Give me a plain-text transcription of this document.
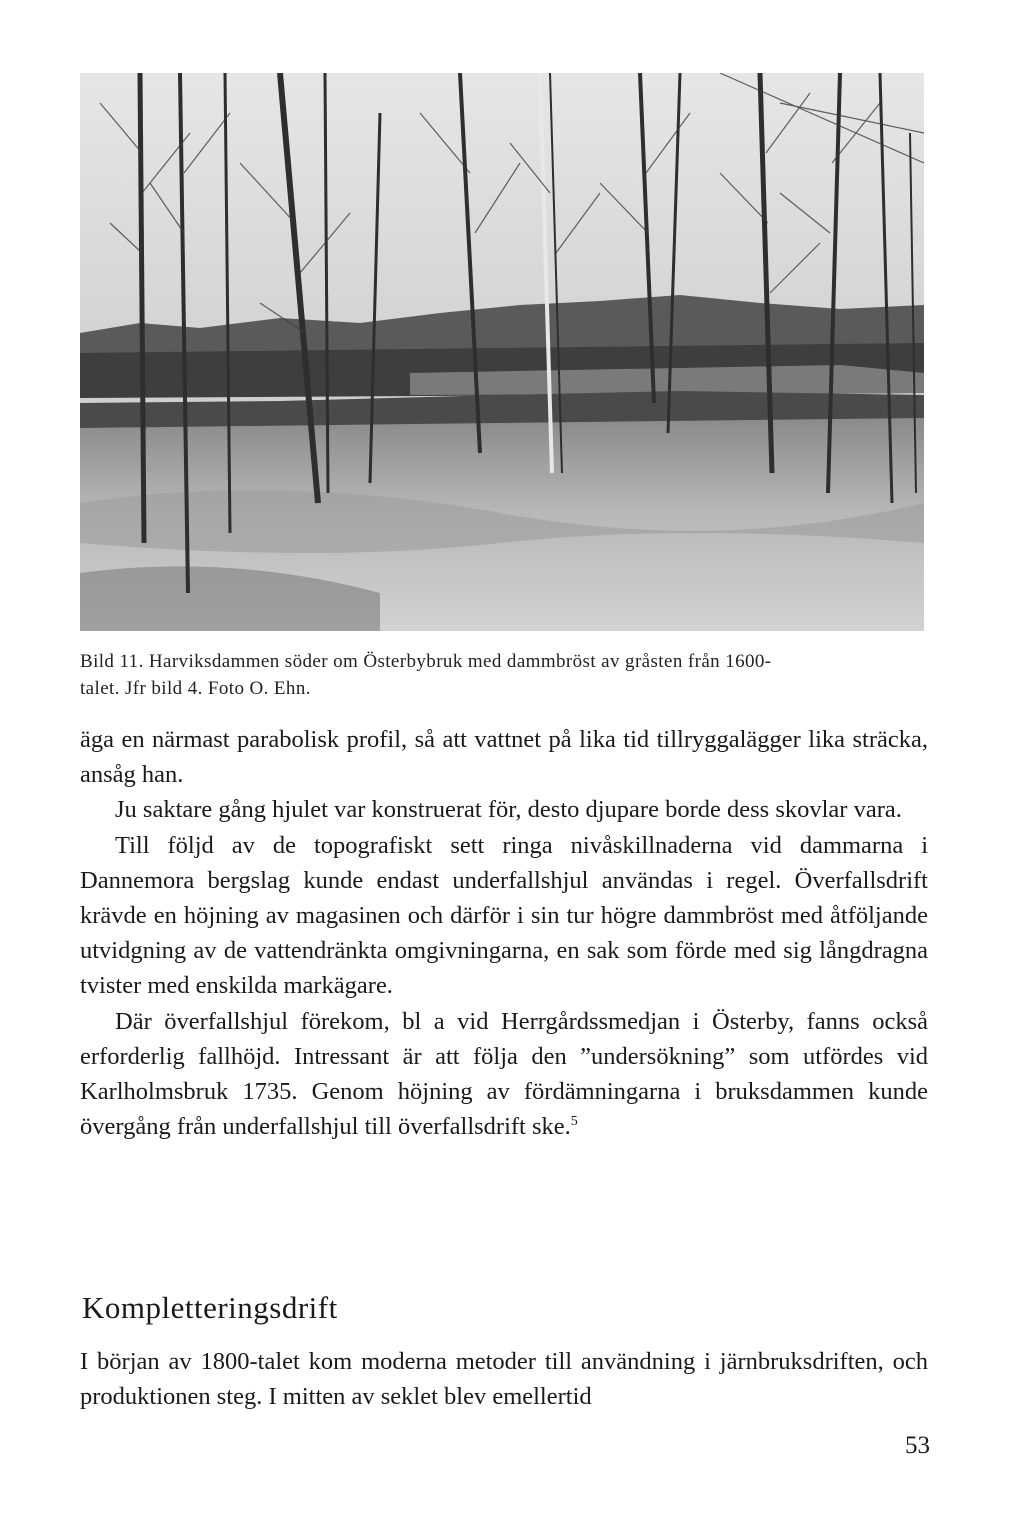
Bild 11. Harviksdammen söder om Österbybruk med dammbröst av gråsten från 1600-

talet. Jfr bild 4. Foto O. Ehn.

äga en närmast parabolisk profil, så att vattnet på lika tid tillryggalägger lika sträcka, ansåg han.

Ju saktare gång hjulet var konstruerat för, desto djupare borde dess skovlar vara.

Till följd av de topografiskt sett ringa nivåskillnaderna vid dammarna i Dannemora bergslag kunde endast underfallshjul användas i regel. Överfallsdrift krävde en höjning av magasinen och därför i sin tur högre dammbröst med åtföljande utvidgning av de vattendränkta omgivningarna, en sak som förde med sig långdragna tvister med enskilda markägare.

Där överfallshjul förekom, bl a vid Herrgårdssmedjan i Österby, fanns också erforderlig fallhöjd. Intressant är att följa den ”undersökning” som utfördes vid Karlholmsbruk 1735. Genom höjning av fördämningarna i bruksdammen kunde övergång från underfallshjul till överfallsdrift ske.$^5$

Kompletteringsdrift

I början av 1800-talet kom moderna metoder till användning i järnbruksdriften, och produktionen steg. I mitten av seklet blev emellertid

53
